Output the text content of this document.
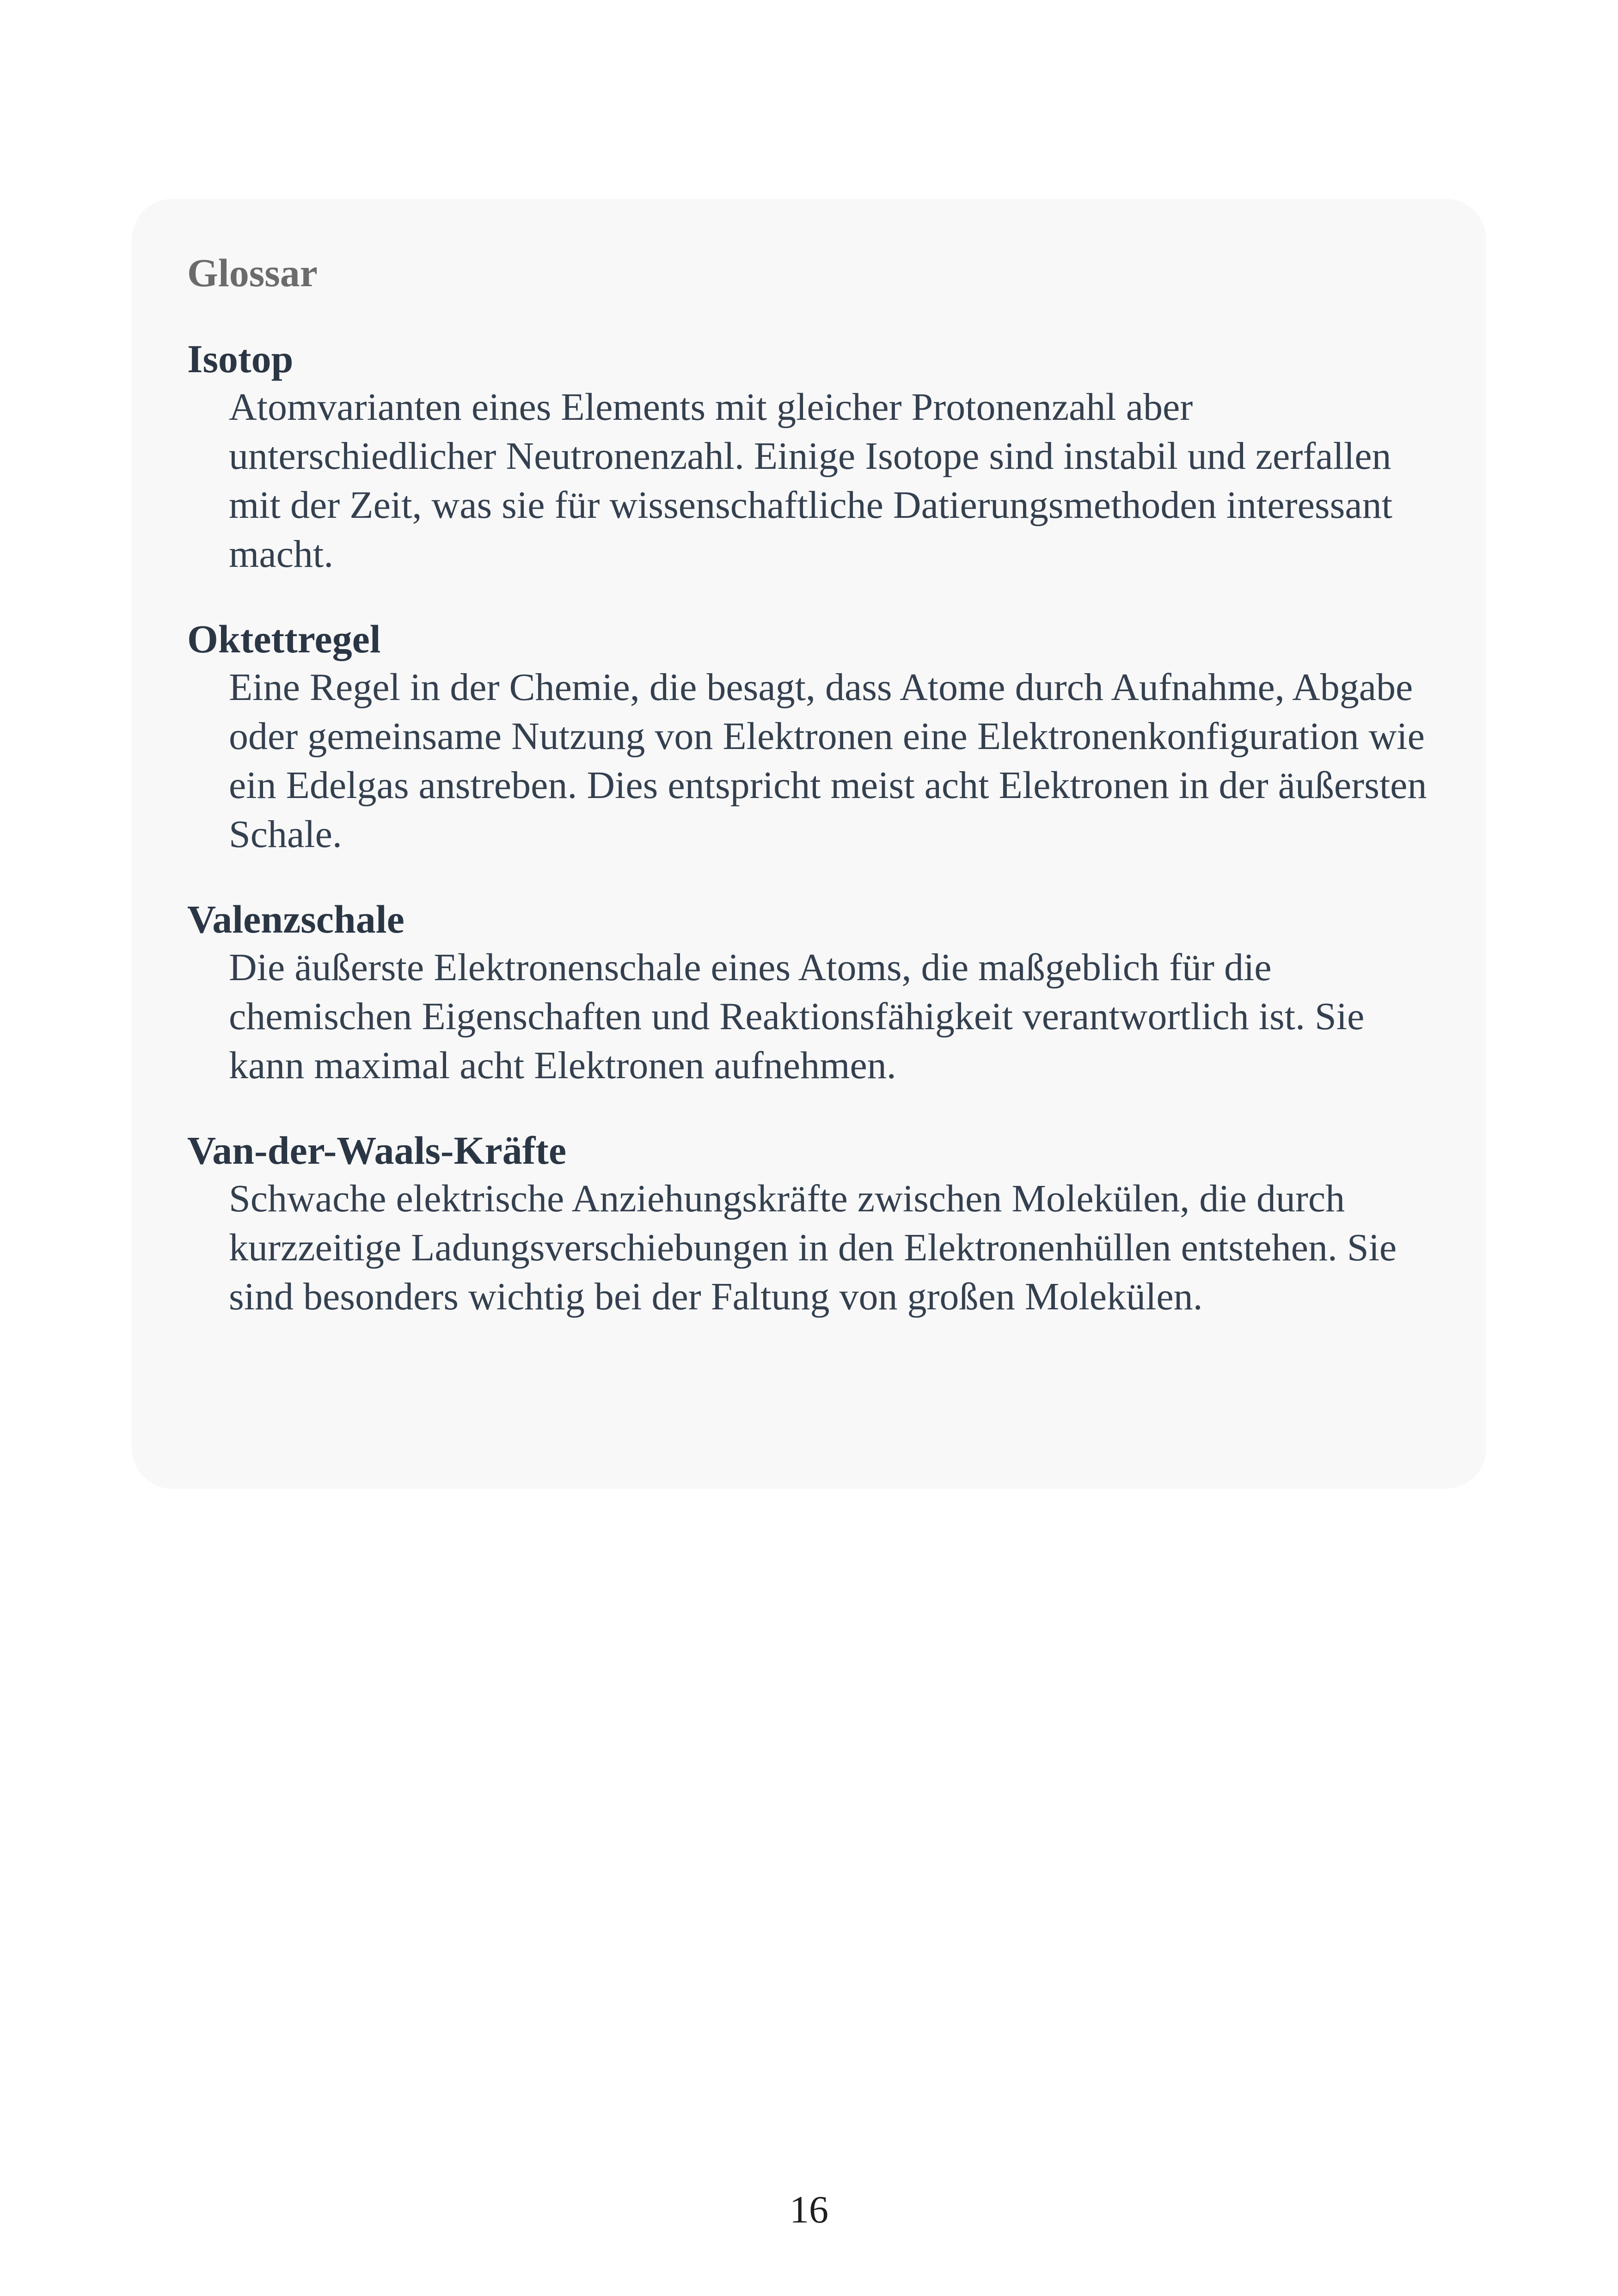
Glossar

Isotop

Atomvarianten eines Elements mit gleicher Protonenzahl aber unterschiedlicher Neutronenzahl. Einige Isotope sind instabil und zerfallen mit der Zeit, was sie für wissenschaftliche Datierungsmethoden interessant macht.

Oktettregel

Eine Regel in der Chemie, die besagt, dass Atome durch Aufnahme, Abgabe oder gemeinsame Nutzung von Elektronen eine Elektronenkonfiguration wie ein Edelgas anstreben. Dies entspricht meist acht Elektronen in der äußersten Schale.

Valenzschale

Die äußerste Elektronenschale eines Atoms, die maßgeblich für die chemischen Eigenschaften und Reaktionsfähigkeit verantwortlich ist. Sie kann maximal acht Elektronen aufnehmen.

Van-der-Waals-Kräfte

Schwache elektrische Anziehungskräfte zwischen Molekülen, die durch kurzzeitige Ladungsverschiebungen in den Elektronenhüllen entstehen. Sie sind besonders wichtig bei der Faltung von großen Molekülen.

16
